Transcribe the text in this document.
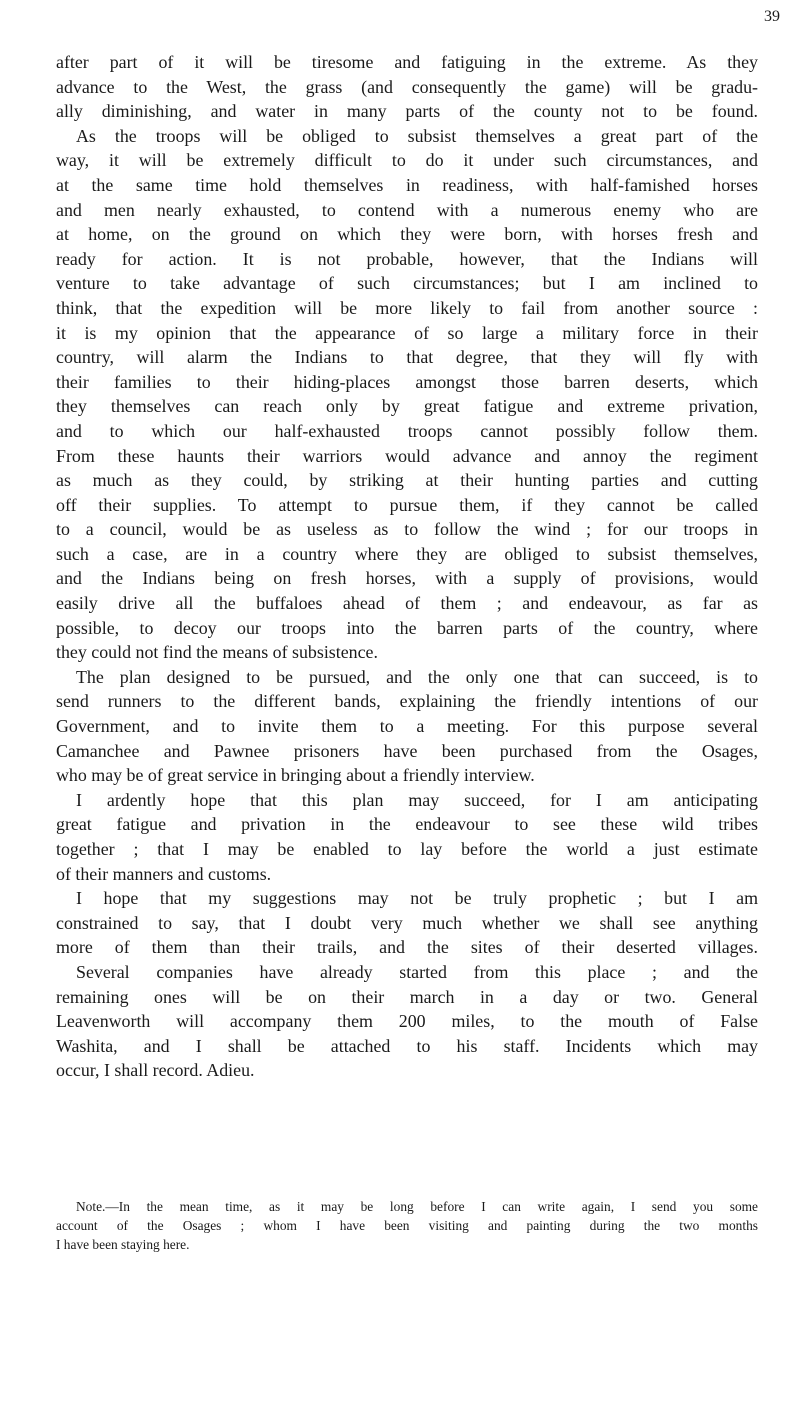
39
after part of it will be tiresome and fatiguing in the extreme. As they
advance to the West, the grass (and consequently the game) will be gradu-
ally diminishing, and water in many parts of the county not to be found.
As the troops will be obliged to subsist themselves a great part of the
way, it will be extremely difficult to do it under such circumstances, and
at the same time hold themselves in readiness, with half-famished horses
and men nearly exhausted, to contend with a numerous enemy who are
at home, on the ground on which they were born, with horses fresh and
ready for action. It is not probable, however, that the Indians will
venture to take advantage of such circumstances; but I am inclined to
think, that the expedition will be more likely to fail from another source :
it is my opinion that the appearance of so large a military force in their
country, will alarm the Indians to that degree, that they will fly with
their families to their hiding-places amongst those barren deserts, which
they themselves can reach only by great fatigue and extreme privation,
and to which our half-exhausted troops cannot possibly follow them.
From these haunts their warriors would advance and annoy the regiment
as much as they could, by striking at their hunting parties and cutting
off their supplies. To attempt to pursue them, if they cannot be called
to a council, would be as useless as to follow the wind ; for our troops in
such a case, are in a country where they are obliged to subsist themselves,
and the Indians being on fresh horses, with a supply of provisions, would
easily drive all the buffaloes ahead of them ; and endeavour, as far as
possible, to decoy our troops into the barren parts of the country, where
they could not find the means of subsistence.
The plan designed to be pursued, and the only one that can succeed, is to
send runners to the different bands, explaining the friendly intentions of our
Government, and to invite them to a meeting. For this purpose several
Camanchee and Pawnee prisoners have been purchased from the Osages,
who may be of great service in bringing about a friendly interview.
I ardently hope that this plan may succeed, for I am anticipating
great fatigue and privation in the endeavour to see these wild tribes
together ; that I may be enabled to lay before the world a just estimate
of their manners and customs.
I hope that my suggestions may not be truly prophetic ; but I am
constrained to say, that I doubt very much whether we shall see anything
more of them than their trails, and the sites of their deserted villages.
Several companies have already started from this place ; and the
remaining ones will be on their march in a day or two. General
Leavenworth will accompany them 200 miles, to the mouth of False
Washita, and I shall be attached to his staff. Incidents which may
occur, I shall record. Adieu.
Note.—In the mean time, as it may be long before I can write again, I send you some
account of the Osages ; whom I have been visiting and painting during the two months
I have been staying here.
